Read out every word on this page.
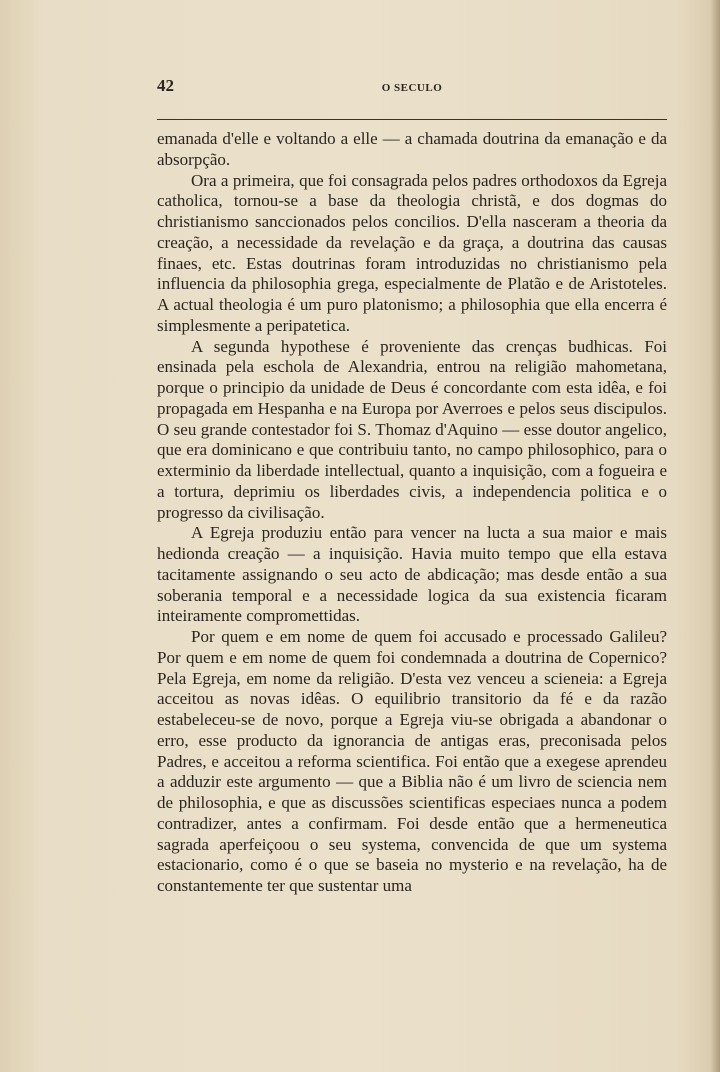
42	O SECULO

emanada d'elle e voltando a elle — a chamada doutrina da emanação e da absorpção.

Ora a primeira, que foi consagrada pelos padres orthodoxos da Egreja catholica, tornou-se a base da theologia christã, e dos dogmas do christianismo sanccionados pelos concilios. D'ella nasceram a theoria da creação, a necessidade da revelação e da graça, a doutrina das causas finaes, etc. Estas doutrinas foram introduzidas no christianismo pela influencia da philosophia grega, especialmente de Platão e de Aristoteles. A actual theologia é um puro platonismo; a philosophia que ella encerra é simplesmente a peripatetica.

A segunda hypothese é proveniente das crenças budhicas. Foi ensinada pela eschola de Alexandria, entrou na religião mahometana, porque o principio da unidade de Deus é concordante com esta idêa, e foi propagada em Hespanha e na Europa por Averroes e pelos seus discipulos. O seu grande contestador foi S. Thomaz d'Aquino — esse doutor angelico, que era dominicano e que contribuiu tanto, no campo philosophico, para o exterminio da liberdade intellectual, quanto a inquisição, com a fogueira e a tortura, deprimiu os liberdades civis, a independencia politica e o progresso da civilisação.

A Egreja produziu então para vencer na lucta a sua maior e mais hedionda creação — a inquisição. Havia muito tempo que ella estava tacitamente assignando o seu acto de abdicação; mas desde então a sua soberania temporal e a necessidade logica da sua existencia ficaram inteiramente compromettidas.

Por quem e em nome de quem foi accusado e processado Galileu? Por quem e em nome de quem foi condemnada a doutrina de Copernico? Pela Egreja, em nome da religião. D'esta vez venceu a scieneia: a Egreja acceitou as novas idêas. O equilibrio transitorio da fé e da razão estabeleceu-se de novo, porque a Egreja viu-se obrigada a abandonar o erro, esse producto da ignorancia de antigas eras, preconisada pelos Padres, e acceitou a reforma scientifica. Foi então que a exegese aprendeu a adduzir este argumento — que a Biblia não é um livro de sciencia nem de philosophia, e que as discussões scientificas especiaes nunca a podem contradizer, antes a confirmam. Foi desde então que a hermeneutica sagrada aperfeiçoou o seu systema, convencida de que um systema estacionario, como é o que se baseia no mysterio e na revelação, ha de constantemente ter que sustentar uma
